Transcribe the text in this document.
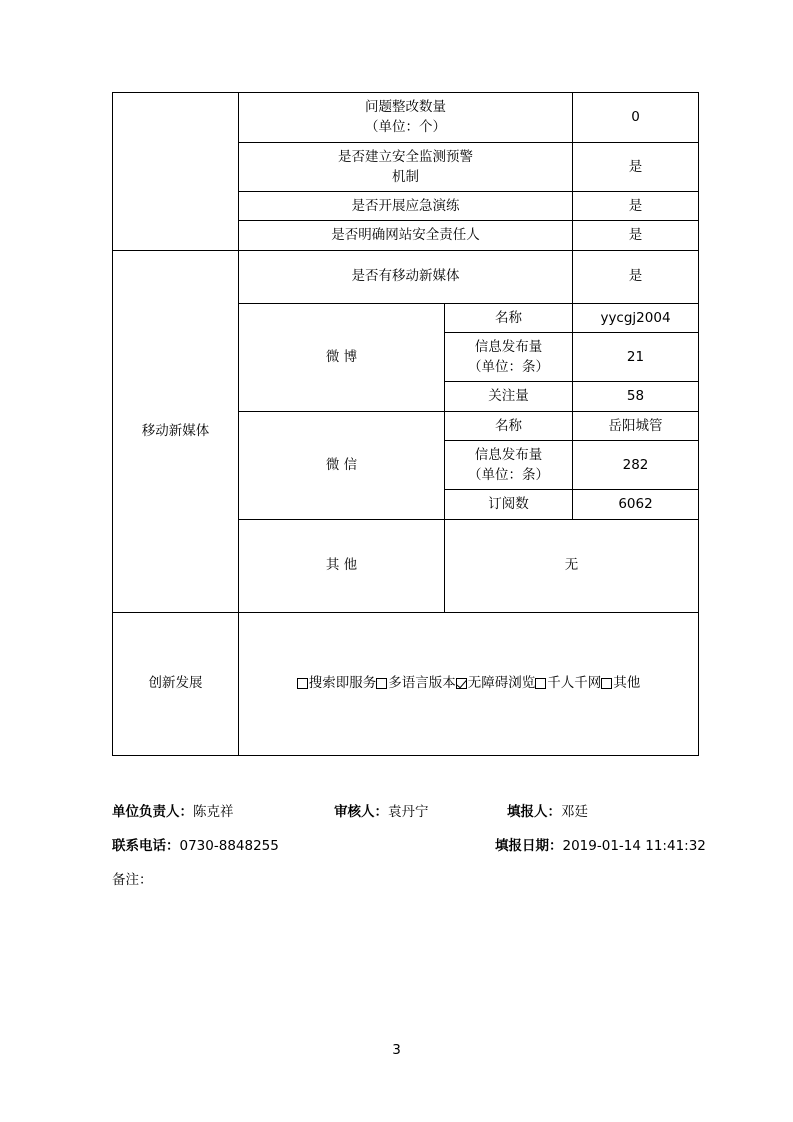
	问题整改数量
（单位：个）		0

	是否建立安全监测预警
机制		是
	是否开展应急演练		是
	是否明确网站安全责任人		是
移动新媒体	是否有移动新媒体		是
	微 博	名称	yycgj2004

		信息发布量
（单位：条）	21
		关注量	58
	微 信	名称	岳阳城管

		信息发布量
（单位：条）	282
		订阅数	6062
	其 他	无	
创新发展	搜索即服务 多语言版本 无障碍浏览 千人千网 其他		
单位负责人：陈克祥	审核人：袁丹宁	填报人：邓廷
联系电话：0730-8848255	填报日期：2019-01-14 11:41:32
备注：
3
